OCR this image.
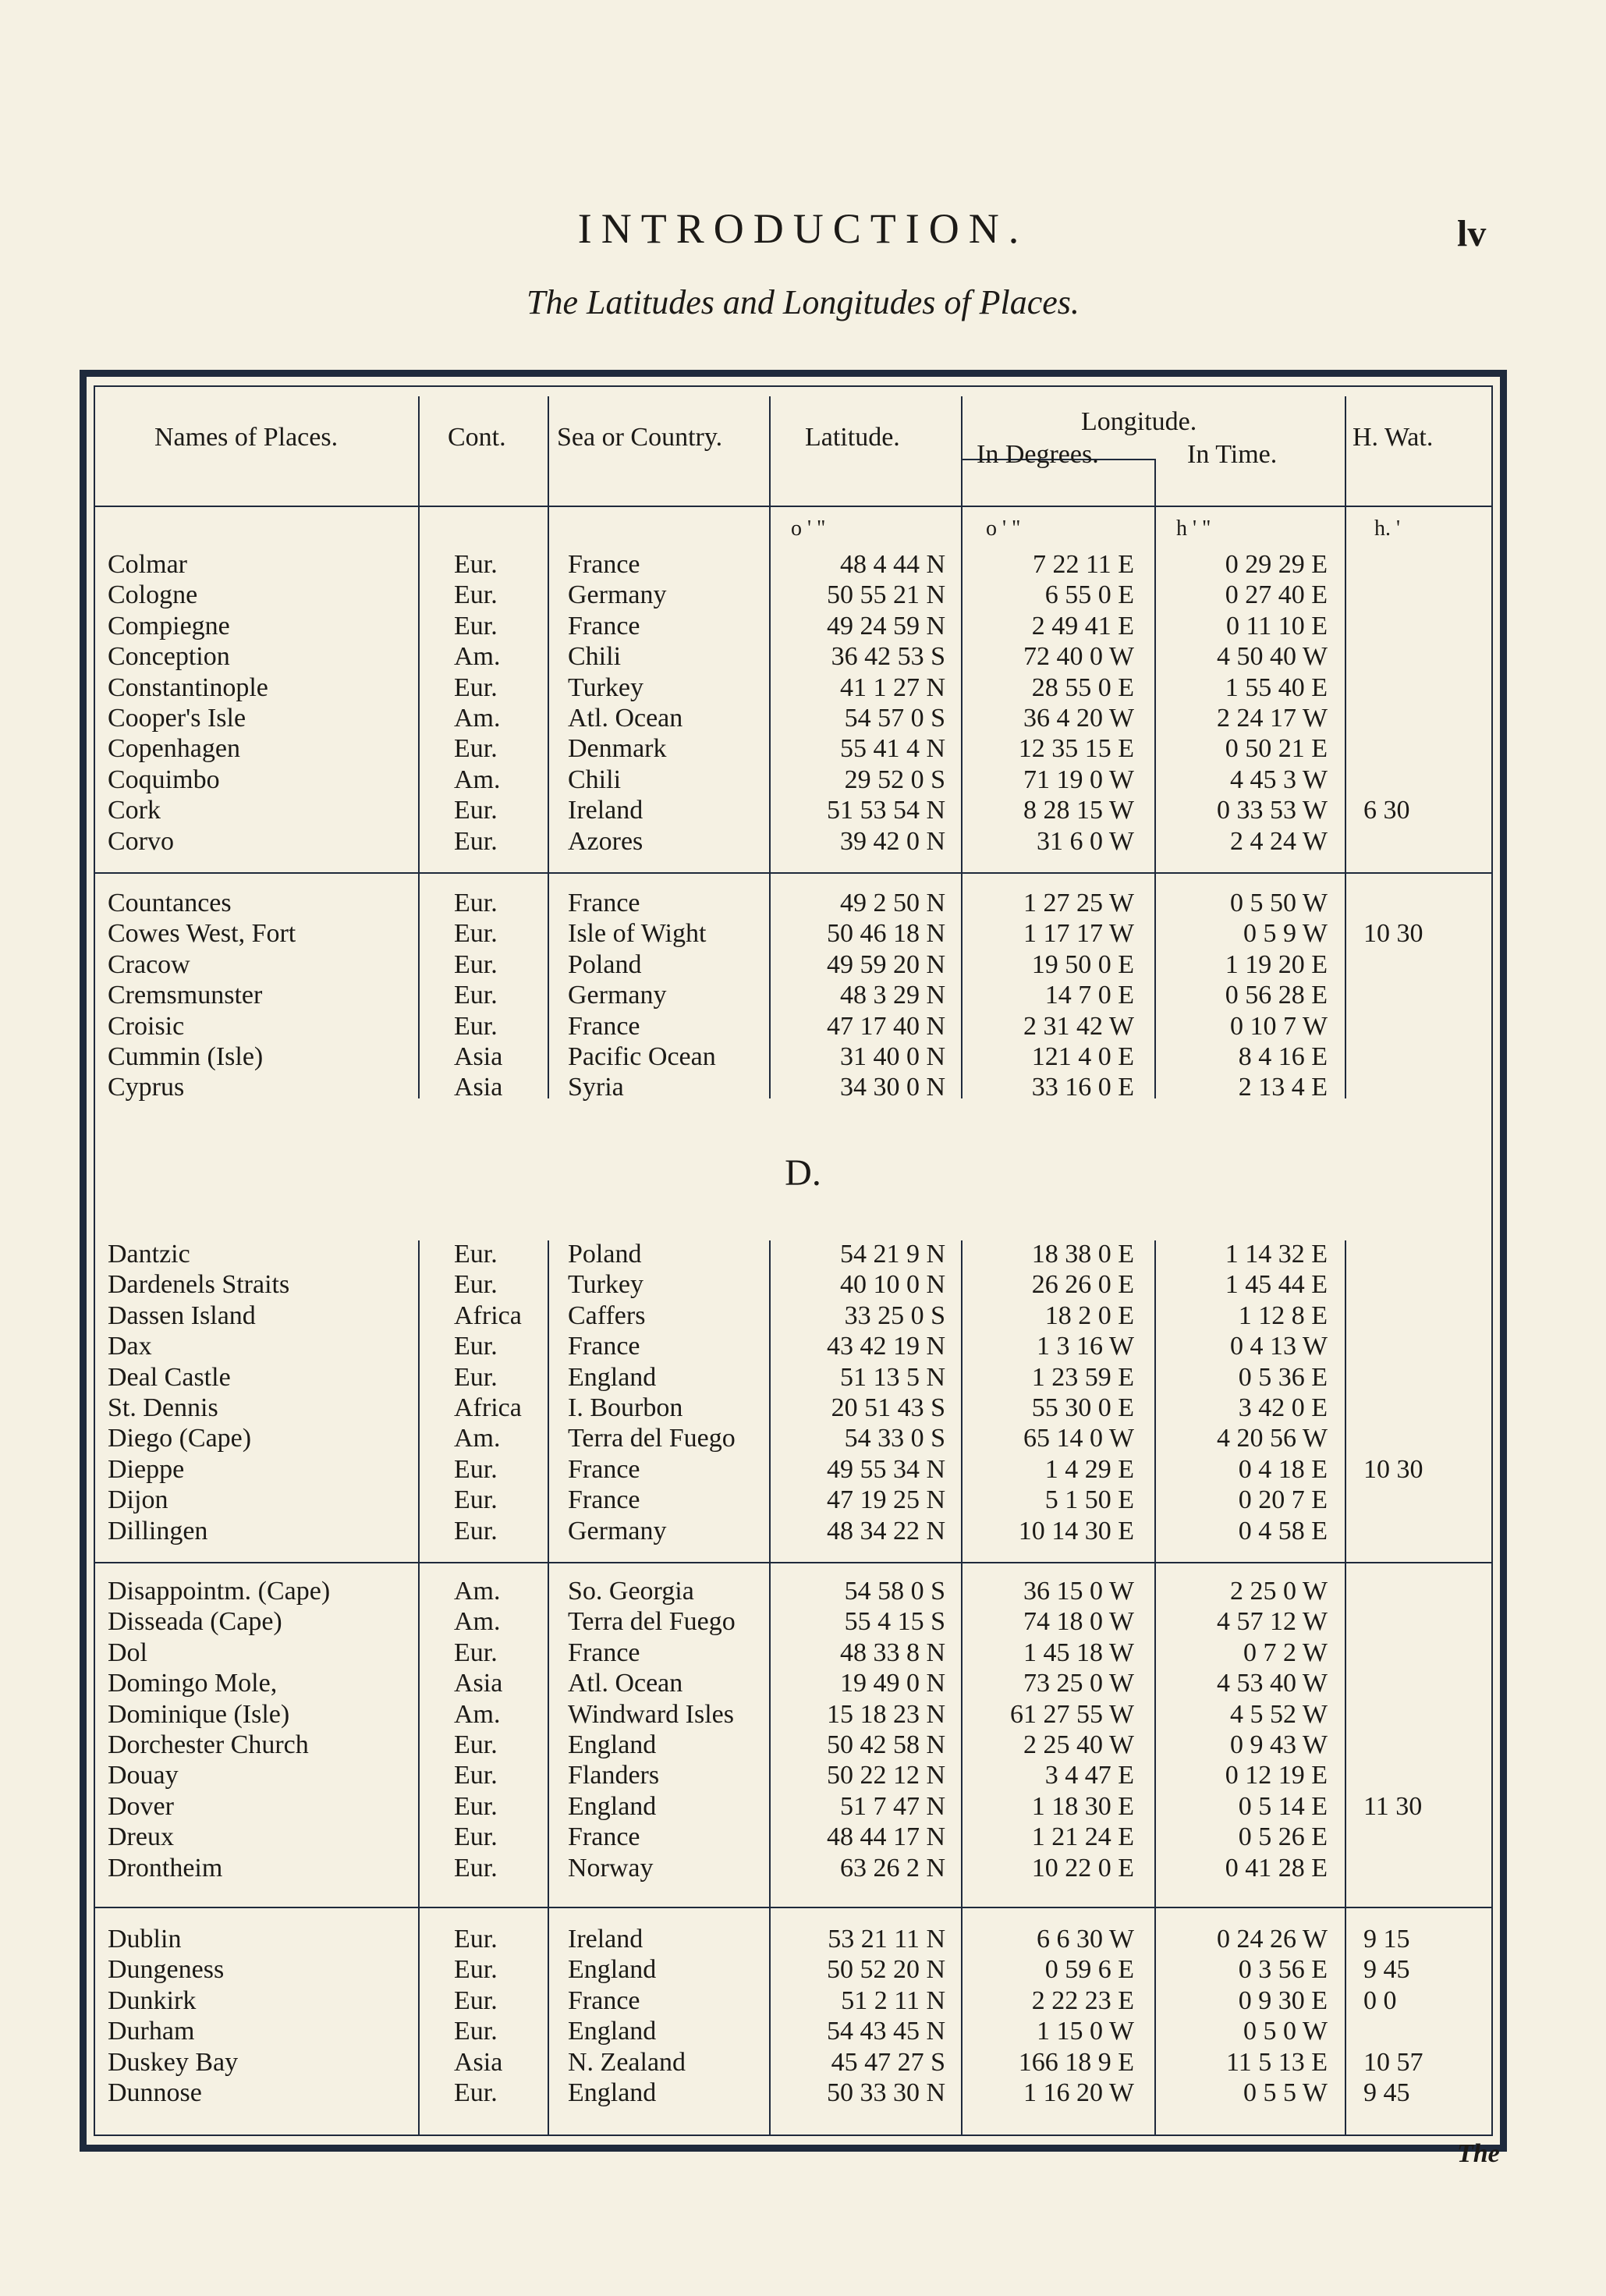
INTRODUCTION.	lv
The Latitudes and Longitudes of Places.
Names of Places.	Cont. Sea or Country.	Latitude.
Longitude.
In Degrees.	In Time.
H. Wat.
o ' "	o ' "	h ' "	h. '
D.
Colmar	Eur.	France	48 4 44 N	7 22 11 E	0 29 29 E
Cologne	Eur.	Germany	50 55 21 N	6 55 0 E	0 27 40 E
Compiegne	Eur.	France	49 24 59 N	2 49 41 E	0 11 10 E
Conception	Am.	Chili	36 42 53 S	72 40 0 W	4 50 40 W
Constantinople	Eur.	Turkey	41 1 27 N	28 55 0 E	1 55 40 E
Cooper's Isle	Am.	Atl. Ocean	54 57 0 S	36 4 20 W	2 24 17 W
Copenhagen	Eur.	Denmark	55 41 4 N	12 35 15 E	0 50 21 E
Coquimbo	Am.	Chili	29 52 0 S	71 19 0 W	4 45 3 W
Cork	Eur.	Ireland	51 53 54 N	8 28 15 W	0 33 53 W 6 30
Corvo	Eur.	Azores	39 42 0 N	31 6 0 W	2 4 24 W
Countances	Eur.	France	49 2 50 N	1 27 25 W	0 5 50 W
Cowes West, Fort	Eur.	Isle of Wight	50 46 18 N	1 17 17 W	0 5 9 W 10 30
Cracow	Eur.	Poland	49 59 20 N	19 50 0 E	1 19 20 E
Cremsmunster	Eur.	Germany	48 3 29 N	14 7 0 E	0 56 28 E
Croisic	Eur.	France	47 17 40 N	2 31 42 W	0 10 7 W
Cummin (Isle)	Asia Pacific Ocean	31 40 0 N	121 4 0 E	8 4 16 E
Cyprus	Asia Syria	34 30 0 N	33 16 0 E	2 13 4 E
Dantzic	Eur.	Poland	54 21 9 N	18 38 0 E	1 14 32 E
Dardenels Straits	Eur.	Turkey	40 10 0 N	26 26 0 E	1 45 44 E
Dassen Island	Africa Caffers	33 25 0 S	18 2 0 E	1 12 8 E
Dax	Eur.	France	43 42 19 N	1 3 16 W	0 4 13 W
Deal Castle	Eur.	England	51 13 5 N	1 23 59 E	0 5 36 E
St. Dennis	Africa I. Bourbon	20 51 43 S	55 30 0 E	3 42 0 E
Diego (Cape)	Am.	Terra del Fuego	54 33 0 S	65 14 0 W	4 20 56 W
Dieppe	Eur.	France	49 55 34 N	1 4 29 E	0 4 18 E 10 30
Dijon	Eur.	France	47 19 25 N	5 1 50 E	0 20 7 E
Dillingen	Eur.	Germany	48 34 22 N	10 14 30 E	0 4 58 E
Disappointm. (Cape)	Am.	So. Georgia	54 58 0 S	36 15 0 W	2 25 0 W
Disseada (Cape)	Am.	Terra del Fuego	55 4 15 S	74 18 0 W	4 57 12 W
Dol	Eur.	France	48 33 8 N	1 45 18 W	0 7 2 W
Domingo Mole,	Asia Atl. Ocean	19 49 0 N	73 25 0 W	4 53 40 W
Dominique (Isle)	Am.	Windward Isles	15 18 23 N 61 27 55 W	4 5 52 W
Dorchester Church	Eur.	England	50 42 58 N	2 25 40 W	0 9 43 W
Douay	Eur.	Flanders	50 22 12 N	3 4 47 E	0 12 19 E
Dover	Eur.	England	51 7 47 N	1 18 30 E	0 5 14 E 11 30
Dreux	Eur.	France	48 44 17 N	1 21 24 E	0 5 26 E
Drontheim	Eur.	Norway	63 26 2 N	10 22 0 E	0 41 28 E
Dublin	Eur.	Ireland	53 21 11 N	6 6 30 W	0 24 26 W 9 15
Dungeness	Eur.	England	50 52 20 N	0 59 6 E	0 3 56 E 9 45
Dunkirk	Eur.	France	51 2 11 N	2 22 23 E	0 9 30 E 0 0
Durham	Eur.	England	54 43 45 N	1 15 0 W	0 5 0 W
Duskey Bay	Asia N. Zealand	45 47 27 S	166 18 9 E	11 5 13 E 10 57
Dunnose	Eur.	England	50 33 30 N	1 16 20 W	0 5 5 W 9 45
The
